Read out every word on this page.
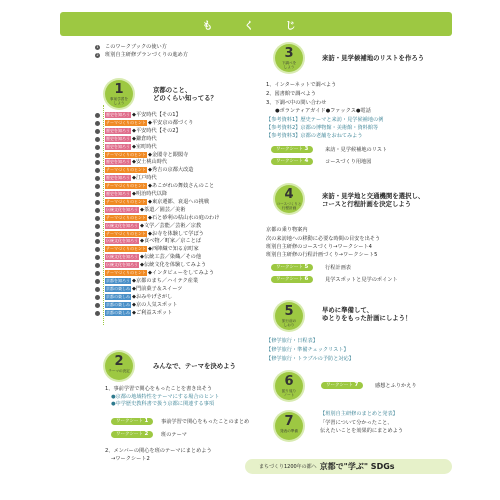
も く じ
1 このワークブックの使い方
2 班別自主研修プランづくりの進め方
1
事前学習を
しよう
京都のこと、
どのくらい知ってる？
歴史を知ろう ◆平安時代【その1】
テーマづくりのヒント ◆平安京の都づくり
歴史を知ろう ◆平安時代【その2】
歴史を知ろう ◆鎌倉時代
歴史を知ろう ◆室町時代
テーマづくりのヒント ◆金閣寺と銀閣寺
歴史を知ろう ◆安土桃山時代
テーマづくりのヒント ◆秀吉の京都大改造
歴史を知ろう ◆江戸時代
テーマづくりのヒント ◆あこがれの舞妓さんのこと
歴史を知ろう ◆明治時代以降
テーマづくりのヒント ◆東京遷都、衰退への挑戦
伝統文化を知ろう ◆茶道／園芸／美術
テーマづくりのヒント ◆石と砂利の枯山水の庭のわけ
伝統文化を知ろう ◆文学／芸能／芸術／宗教
テーマづくりのヒント ◆お寺を体験して学ぼう
伝統文化を知ろう ◆食べ物／町家／京ことば
テーマづくりのヒント ◆西陣織で知る京町家
伝統文化を知ろう ◆伝統工芸／染織／その他
伝統文化を知ろう ◆伝統文化を体験してみよう
テーマづくりのヒント ◆インタビューをしてみよう
京都を知ろう ◆京都のまち／ハイテク産業
京都の楽しみ ◆門前菓子＆スイーツ
京都の楽しみ ◆おみやげさがし
京都の楽しみ ◆京の人気スポット
京都の楽しみ ◆ご利益スポット
2
テーマの決定
みんなで、テーマを決めよう
1、事前学習で関心をもったことを書き出そう
●京都の地域特性をテーマにする場合のヒント
●中学歴史教科書で扱う京都に関連する事項
ワークシート 1	事前学習で関心をもったことのまとめ
ワークシート 2	班のテーマ
2、メンバーの関心を班のテーマにまとめよう
→ワークシート2
3
下調べを
しよう
来訪・見学候補地のリストを作ろう
1、インターネットで調べよう
2、図書館で調べよう
3、下調べ中の問い合わせ
●ボランティアガイド●ファックス●電話
【参考資料1】歴史テーマと来訪・見学候補地の例
【参考資料2】京都の博物館・美術館・資料館等
【参考資料3】京都の老舗をおねてみよう
ワークシート 3	来訪・見学候補地のリスト
ワークシート 4	コースづくり用地図
4
コースづくりと
行程計画
来訪・見学地と交通機関を選択し、
コースと行程計画を決定しよう
京都の乗り物案内
次の来訪地への移動に必要な時間の目安を出そう
班別自主研修のコースづくり→ワークシート4
班別自主研修の行程計画づくり→ワークシート5
ワークシート 5	行程計画表
ワークシート 6	見学スポットと見学のポイント
5
旅行前の
しおり
早めに準備して、
ゆとりをもった計画にしよう！
【修学旅行・日程表】
【修学旅行・準備チェックリスト】
【修学旅行・トラブルの予防と対応】
6
振り返り
ノート
ワークシート 7	感想とふりかえり
7
発表の準備
【班別自主研修のまとめと発表】
「学習について分かったこと、
伝えたいことを効果的にまとめよう
まちづくり1200年の都へ 京都で"学ぶ" SDGs
